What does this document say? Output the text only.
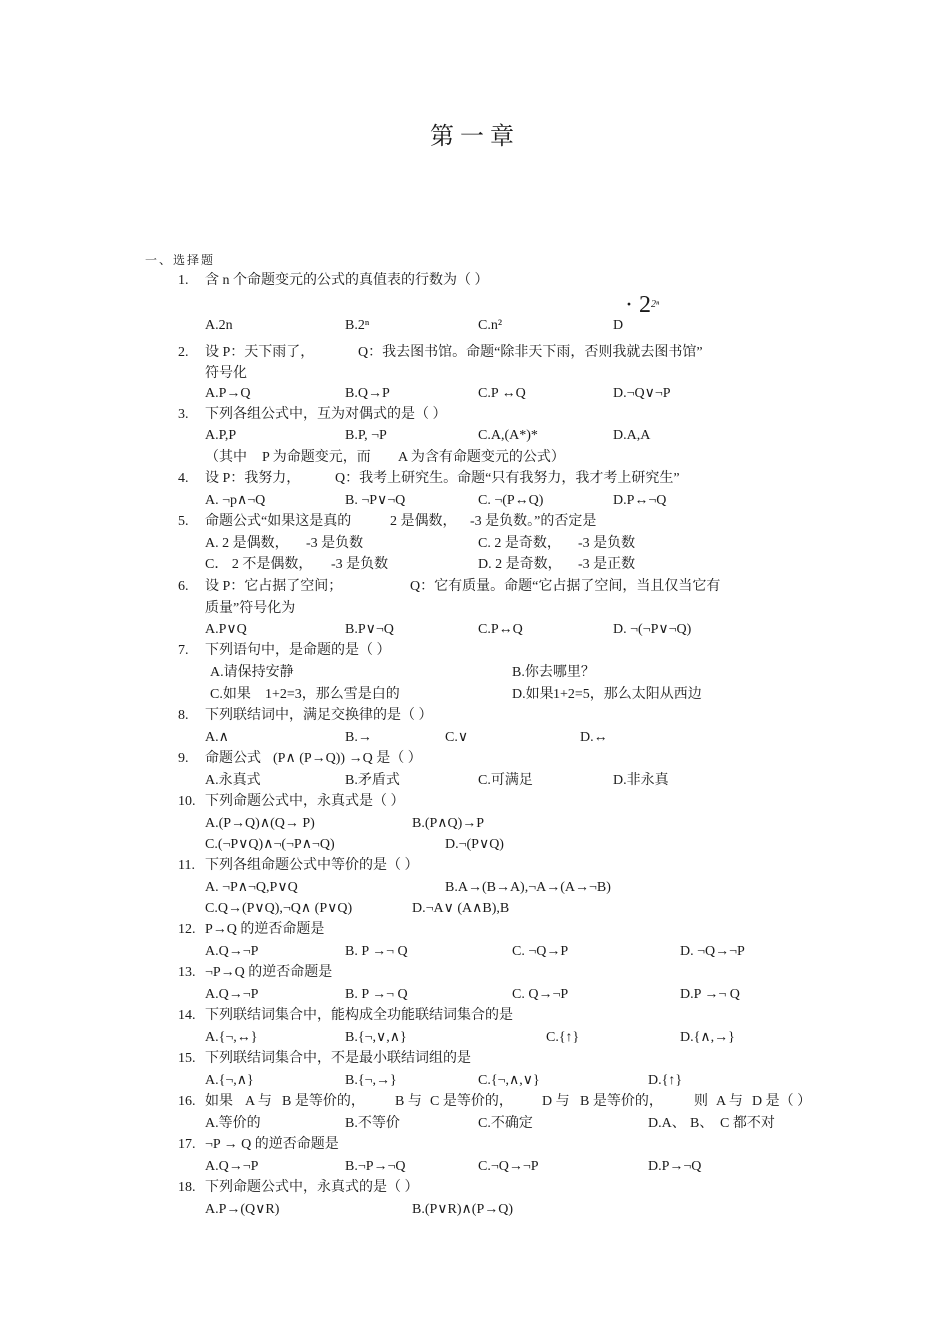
第一章
一、选择题
1.	含 n 个命题变元的公式的真值表的行数为（ ）
A.2n	B.2ⁿ	C.n²	D
· $2^{2^n}$
2.	设 P：天下雨了，	Q：我去图书馆。命题“除非天下雨，否则我就去图书馆”
符号化
A.P→Q	B.Q→P	C.P ↔Q	D.¬Q∨¬P
3.	下列各组公式中，互为对偶式的是（ ）
A.P,P	B.P, ¬P	C.A,(A*)*	D.A,A
（其中 P 为命题变元，而 A 为含有命题变元的公式）
4.	设 P：我努力， Q：我考上研究生。命题“只有我努力，我才考上研究生”
A. ¬p∧¬Q	B. ¬P∨¬Q	C. ¬(P↔Q)	D.P↔¬Q
5.	命题公式“如果这是真的	2 是偶数， -3 是负数。”的否定是
A. 2 是偶数， -3 是负数	C. 2 是奇数， -3 是负数
C． 2 不是偶数， -3 是负数	D. 2 是奇数， -3 是正数
6.	设 P：它占据了空间；	Q：它有质量。命题“它占据了空间，当且仅当它有
质量”符号化为
A.P∨Q	B.P∨¬Q	C.P↔Q	D. ¬(¬P∨¬Q)
7.	下列语句中，是命题的是（ ）
A.请保持安静	B.你去哪里？
C.如果 1+2=3，那么雪是白的	D.如果 1+2=5，那么太阳从西边
8.	下列联结词中，满足交换律的是（ ）
A.∧	B.→	C.∨	D.↔
9.	命题公式 (P∧ (P→Q)) →Q 是（ ）
A.永真式	B.矛盾式	C.可满足	D.非永真
10. 下列命题公式中，永真式是（ ）
A.(P→Q)∧(Q→ P)	B.(P∧Q)→P
C.(¬P∨Q)∧¬(¬P∧¬Q)	D.¬(P∨Q)
11. 下列各组命题公式中等价的是（ ）
A. ¬P∧¬Q,P∨Q	B.A→(B→A),¬A→(A→¬B)
C.Q→(P∨Q),¬Q∧ (P∨Q)	D.¬A∨ (A∧B),B
12. P→Q 的逆否命题是
A.Q→¬P	B. P →¬ Q	C. ¬Q→P	D. ¬Q→¬P
13. ¬P→Q 的逆否命题是
A.Q→¬P	B. P →¬ Q	C. Q→¬P	D.P →¬ Q
14. 下列联结词集合中，能构成全功能联结词集合的是
A.{¬,↔}	B.{¬,∨,∧}	C.{↑}	D.{∧,→}
15. 下列联结词集合中，不是最小联结词组的是
A.{¬,∧}	B.{¬,→}	C.{¬,∧,∨}	D.{↑}
16. 如果 A 与 B 是等价的， B 与 C 是等价的， D 与 B 是等价的， 则 A 与 D 是（ ）
A.等价的	B.不等价	C.不确定	D.A、 B、 C 都不对
17. ¬P → Q 的逆否命题是
A.Q→¬P	B.¬P→¬Q	C.¬Q→¬P	D.P→¬Q
18. 下列命题公式中，永真式的是（ ）
A.P→(Q∨R)	B.(P∨R)∧(P→Q)
